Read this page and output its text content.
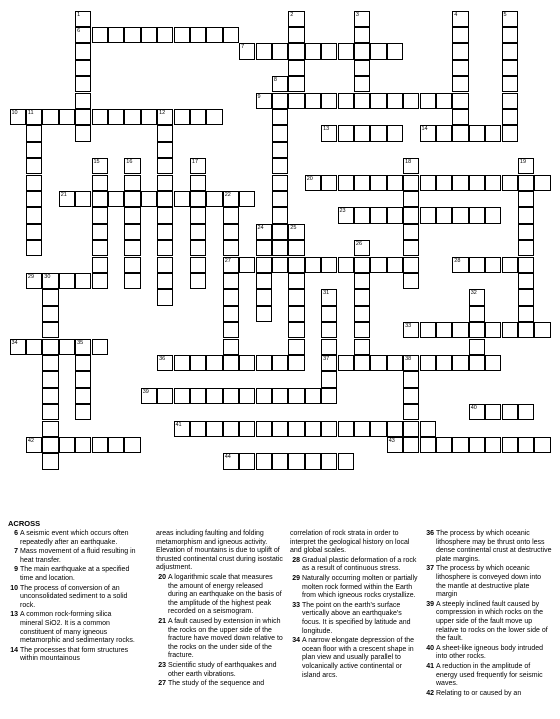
6
7
9
10 11	12
13	14
20
21	22
23
27	28
29 30
33
34	35
36	37	38
39
40
41
42	43
44
1	2	3	4	5
8
15	16	17	18	19
24	25
26
31	32
ACROSS
6 A seismic event which occurs often repeatedly after an earthquake.
7 Mass movement of a fluid resulting in heat transfer.
9 The main earthquake at a specified time and location.
10 The process of conversion of an unconsolidated sediment to a solid rock.
13 A common rock-forming silica mineral SiO2. It is a common constituent of many igneous metamorphic and sedimentary rocks.
14 The processes that form structures within mountainous
areas including faulting and folding metamorphism and igneous activity. Elevation of mountains is due to uplift of thrusted continental crust during isostatic adjustment.
20 A logarithmic scale that measures the amount of energy released during an earthquake on the basis of the amplitude of the highest peak recorded on a seismogram.
21 A fault caused by extension in which the rocks on the upper side of the fracture have moved down relative to the rocks on the under side of the fracture.
23 Scientific study of earthquakes and other earth vibrations.
27 The study of the sequence and
correlation of rock strata in order to interpret the geological history on local and global scales.
28 Gradual plastic deformation of a rock as a result of continuous stress.
29 Naturally occurring molten or partially molten rock formed within the Earth from which igneous rocks crystallize.
33 The point on the earth's surface vertically above an earthquake's focus. It is specified by latitude and longitude.
34 A narrow elongate depression of the ocean floor with a crescent shape in plan view and usually parallel to volcanically active continental or island arcs.
36 The process by which oceanic lithosphere may be thrust onto less dense continental crust at destructive plate margins.
37 The process by which oceanic lithosphere is conveyed down into the mantle at destructive plate margin
39 A steeply inclined fault caused by compression in which rocks on the upper side of the fault move up relative to rocks on the lower side of the fault.
40 A sheet-like igneous body intruded into other rocks.
41 A reduction in the amplitude of energy used frequently for seismic waves.
42 Relating to or caused by an
